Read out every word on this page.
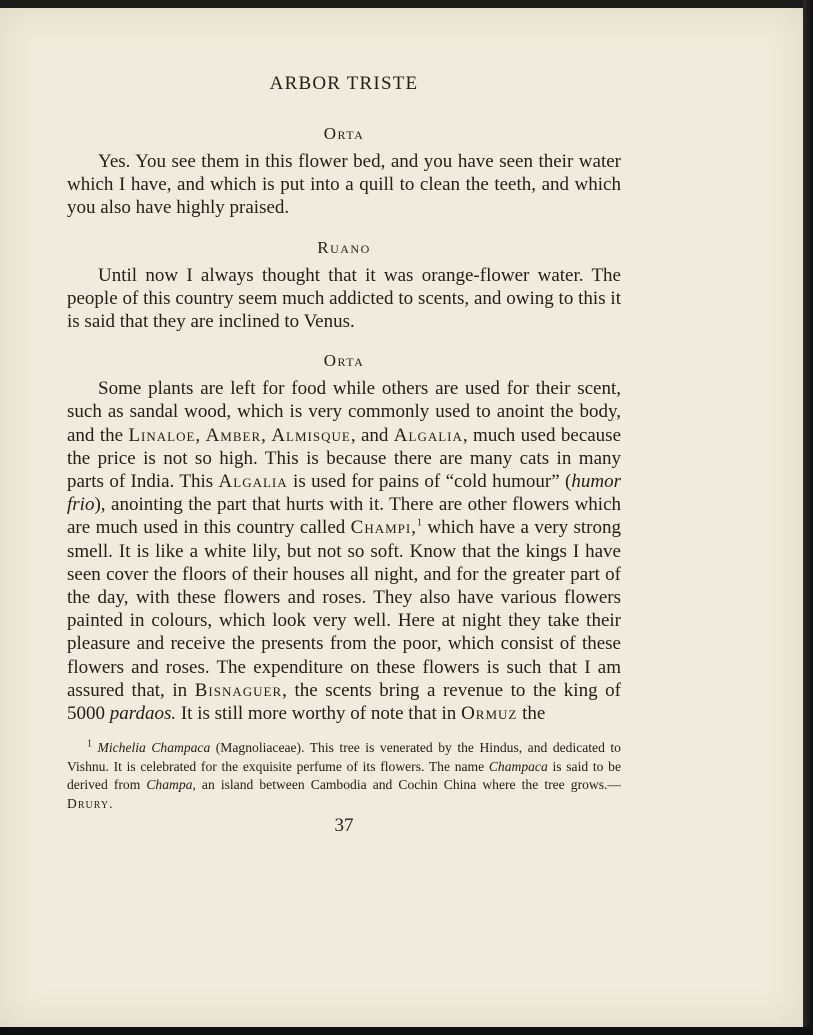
ARBOR TRISTE
Orta

Yes. You see them in this flower bed, and you have seen their water which I have, and which is put into a quill to clean the teeth, and which you also have highly praised.

Ruano

Until now I always thought that it was orange-flower water. The people of this country seem much addicted to scents, and owing to this it is said that they are inclined to Venus.

Orta

Some plants are left for food while others are used for their scent, such as sandal wood, which is very commonly used to anoint the body, and the Linaloe, Amber, Almisque, and Algalia, much used because the price is not so high. This is because there are many cats in many parts of India. This Algalia is used for pains of “cold humour” (humor frio), anointing the part that hurts with it. There are other flowers which are much used in this country called Champi,$^1$ which have a very strong smell. It is like a white lily, but not so soft. Know that the kings I have seen cover the floors of their houses all night, and for the greater part of the day, with these flowers and roses. They also have various flowers painted in colours, which look very well. Here at night they take their pleasure and receive the presents from the poor, which consist of these flowers and roses. The expenditure on these flowers is such that I am assured that, in Bisnaguer, the scents bring a revenue to the king of 5000 pardaos. It is still more worthy of note that in Ormuz the

$^1$ Michelia Champaca (Magnoliaceae). This tree is venerated by the Hindus, and dedicated to Vishnu. It is celebrated for the exquisite perfume of its flowers. The name Champaca is said to be derived from Champa, an island between Cambodia and Cochin China where the tree grows.—Drury.

37
